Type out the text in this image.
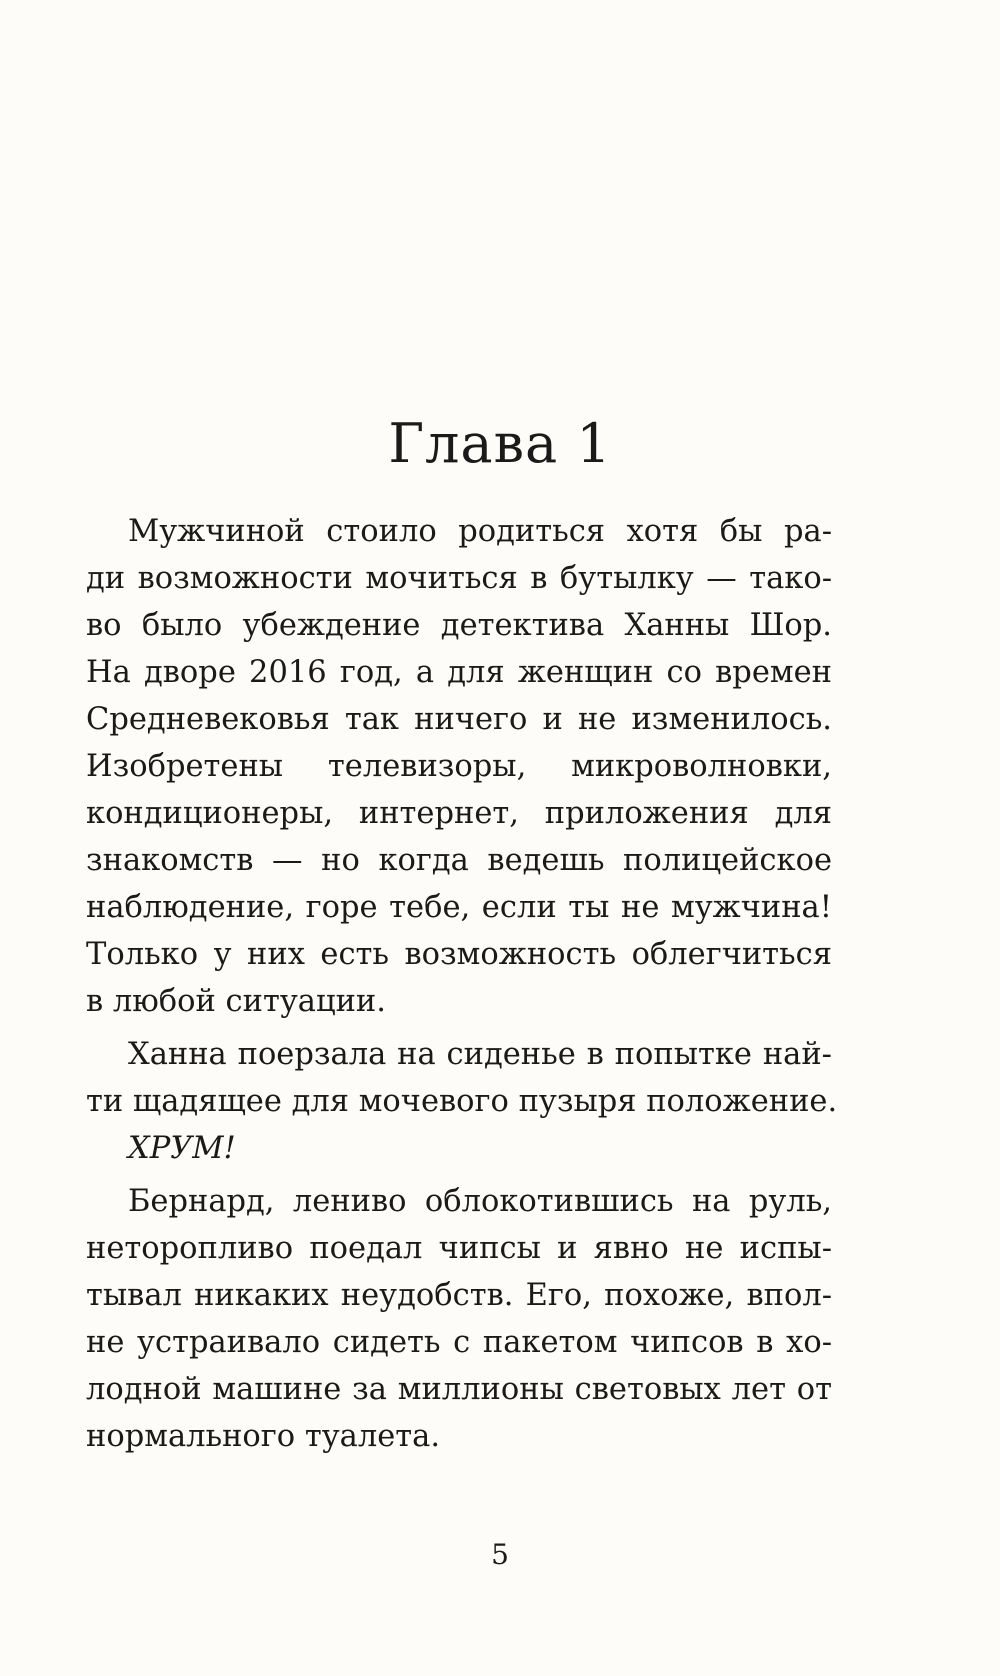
Глава 1
Мужчиной стоило родиться хотя бы ра-
ди возможности мочиться в бутылку — тако-
во было убеждение детектива Ханны Шор.
На дворе 2016 год, а для женщин со времен
Средневековья так ничего и не изменилось.
Изобретены телевизоры, микроволновки,
кондиционеры, интернет, приложения для
знакомств — но когда ведешь полицейское
наблюдение, горе тебе, если ты не мужчина!
Только у них есть возможность облегчиться
в любой ситуации.
Ханна поерзала на сиденье в попытке най-
ти щадящее для мочевого пузыря положение.
ХРУМ!
Бернард, лениво облокотившись на руль,
неторопливо поедал чипсы и явно не испы-
тывал никаких неудобств. Его, похоже, впол-
не устраивало сидеть с пакетом чипсов в хо-
лодной машине за миллионы световых лет от
нормального туалета.
5
